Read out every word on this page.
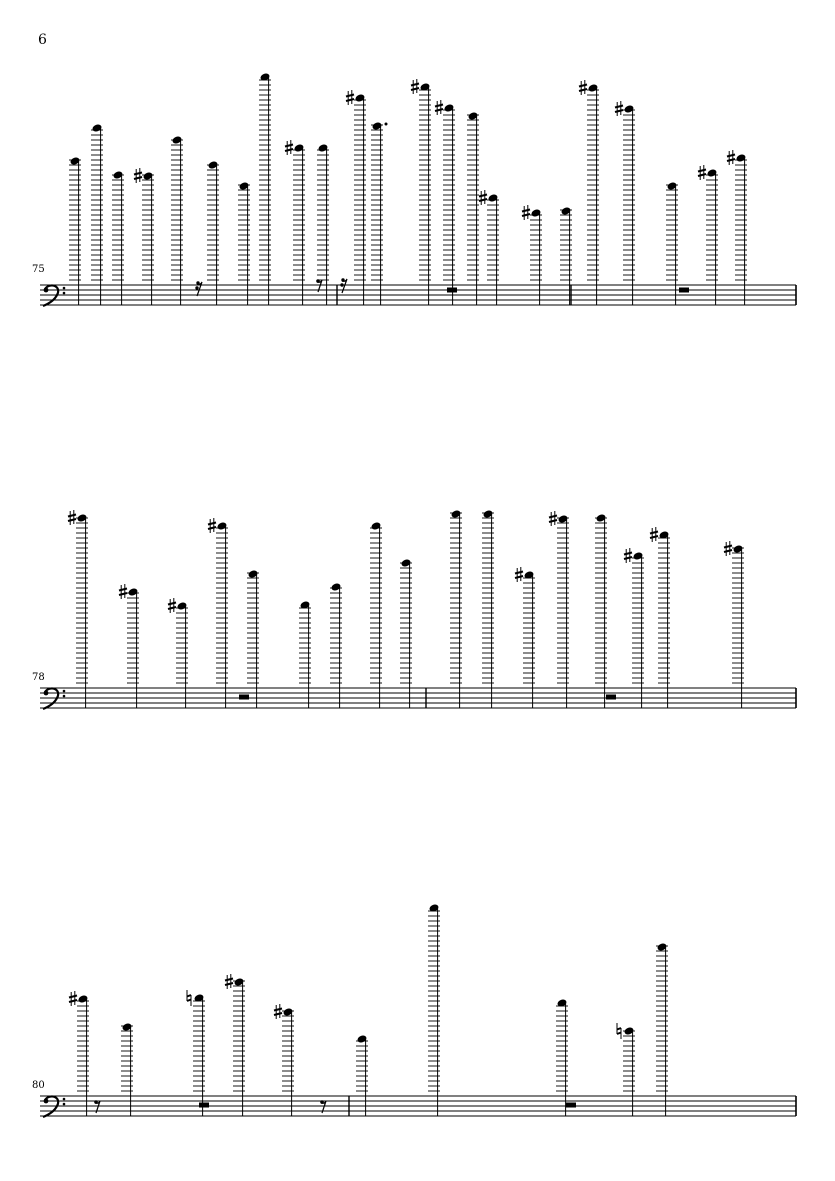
6
75
78
80
